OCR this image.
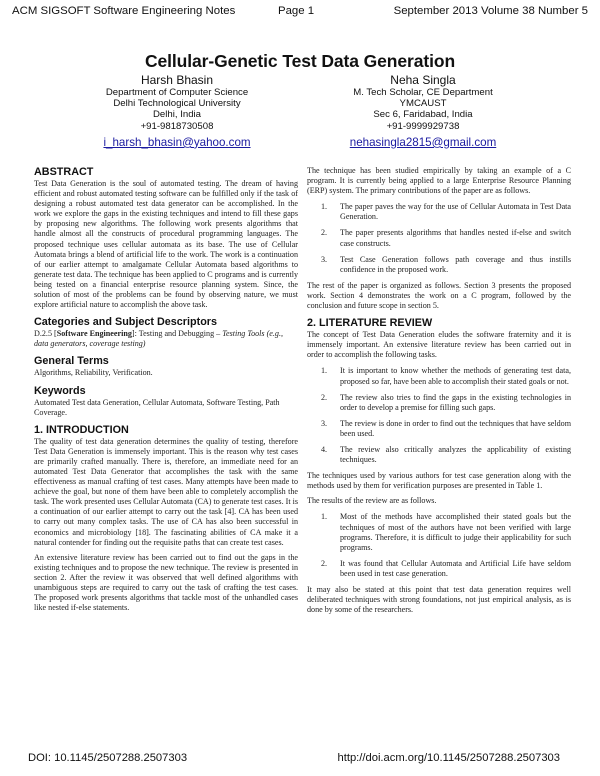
ACM SIGSOFT Software Engineering Notes	Page 1	September 2013 Volume 38 Number 5
Cellular-Genetic Test Data Generation
Harsh Bhasin
Department of Computer Science
Delhi Technological University
Delhi, India
+91-9818730508
i_harsh_bhasin@yahoo.com
Neha Singla
M. Tech Scholar, CE Department
YMCAUST
Sec 6, Faridabad, India
+91-9999929738
nehasingla2815@gmail.com
ABSTRACT

Test Data Generation is the soul of automated testing. The dream of having efficient and robust automated testing software can be fulfilled only if the task of designing a robust automated test data generator can be accomplished. In the work we explore the gaps in the existing techniques and intend to fill these gaps by proposing new algorithms. The following work presents algorithms that handle almost all the constructs of procedural programming languages. The proposed technique uses cellular automata as its base. The use of Cellular Automata brings a blend of artificial life to the work. The work is a continuation of our earlier attempt to amalgamate Cellular Automata based algorithms to generate test data. The technique has been applied to C programs and is currently being tested on a financial enterprise resource planning system. Since, the solution of most of the problems can be found by observing nature, we must explore artificial nature to accomplish the above task.

Categories and Subject Descriptors

D.2.5 [Software Engineering]: Testing and Debugging – Testing Tools (e.g., data generators, coverage testing)

General Terms

Algorithms, Reliability, Verification.

Keywords

Automated Test data Generation, Cellular Automata, Software Testing, Path Coverage.

1. INTRODUCTION

The quality of test data generation determines the quality of testing, therefore Test Data Generation is immensely important. This is the reason why test cases are primarily crafted manually. There is, therefore, an immediate need for an automated Test Data Generator that accomplishes the task with the same effectiveness as manual crafting of test cases. Many attempts have been made to achieve the goal, but none of them have been able to completely accomplish the task. The work presented uses Cellular Automata (CA) to generate test cases. It is a continuation of our earlier attempt to carry out the task [4]. CA has been used to carry out many complex tasks. The use of CA has also been successful in economics and microbiology [18]. The fascinating abilities of CA make it a natural contender for finding out the requisite paths that can create test cases.

An extensive literature review has been carried out to find out the gaps in the existing techniques and to propose the new technique. The review is presented in section 2. After the review it was observed that well defined algorithms with unambiguous steps are required to carry out the task of crafting the test cases. The proposed work presents algorithms that tackle most of the unhandled cases like nested if-else statements.

The technique has been studied empirically by taking an example of a C program. It is currently being applied to a large Enterprise Resource Planning (ERP) system. The primary contributions of the paper are as follows.

1. The paper paves the way for the use of Cellular Automata in Test Data Generation.
2. The paper presents algorithms that handles nested if-else and switch case constructs.
3. Test Case Generation follows path coverage and thus instills confidence in the proposed work.

The rest of the paper is organized as follows. Section 3 presents the proposed work. Section 4 demonstrates the work on a C program, followed by the conclusion and future scope in section 5.

2. LITERATURE REVIEW

The concept of Test Data Generation eludes the software fraternity and it is immensely important. An extensive literature review has been carried out in order to accomplish the following tasks.

1. It is important to know whether the methods of generating test data, proposed so far, have been able to accomplish their stated goals or not.
2. The review also tries to find the gaps in the existing technologies in order to develop a premise for filling such gaps.
3. The review is done in order to find out the techniques that have seldom been used.
4. The review also critically analyzes the applicability of existing techniques.

The techniques used by various authors for test case generation along with the methods used by them for verification purposes are presented in Table 1.

The results of the review are as follows.

1. Most of the methods have accomplished their stated goals but the techniques of most of the authors have not been verified with large programs. Therefore, it is difficult to judge their applicability for such programs.
2. It was found that Cellular Automata and Artificial Life have seldom been used in test case generation.

It may also be stated at this point that test data generation requires well deliberated techniques with strong foundations, not just empirical analysis, as is done by some of the researchers.

DOI: 10.1145/2507288.2507303	http://doi.acm.org/10.1145/2507288.2507303
